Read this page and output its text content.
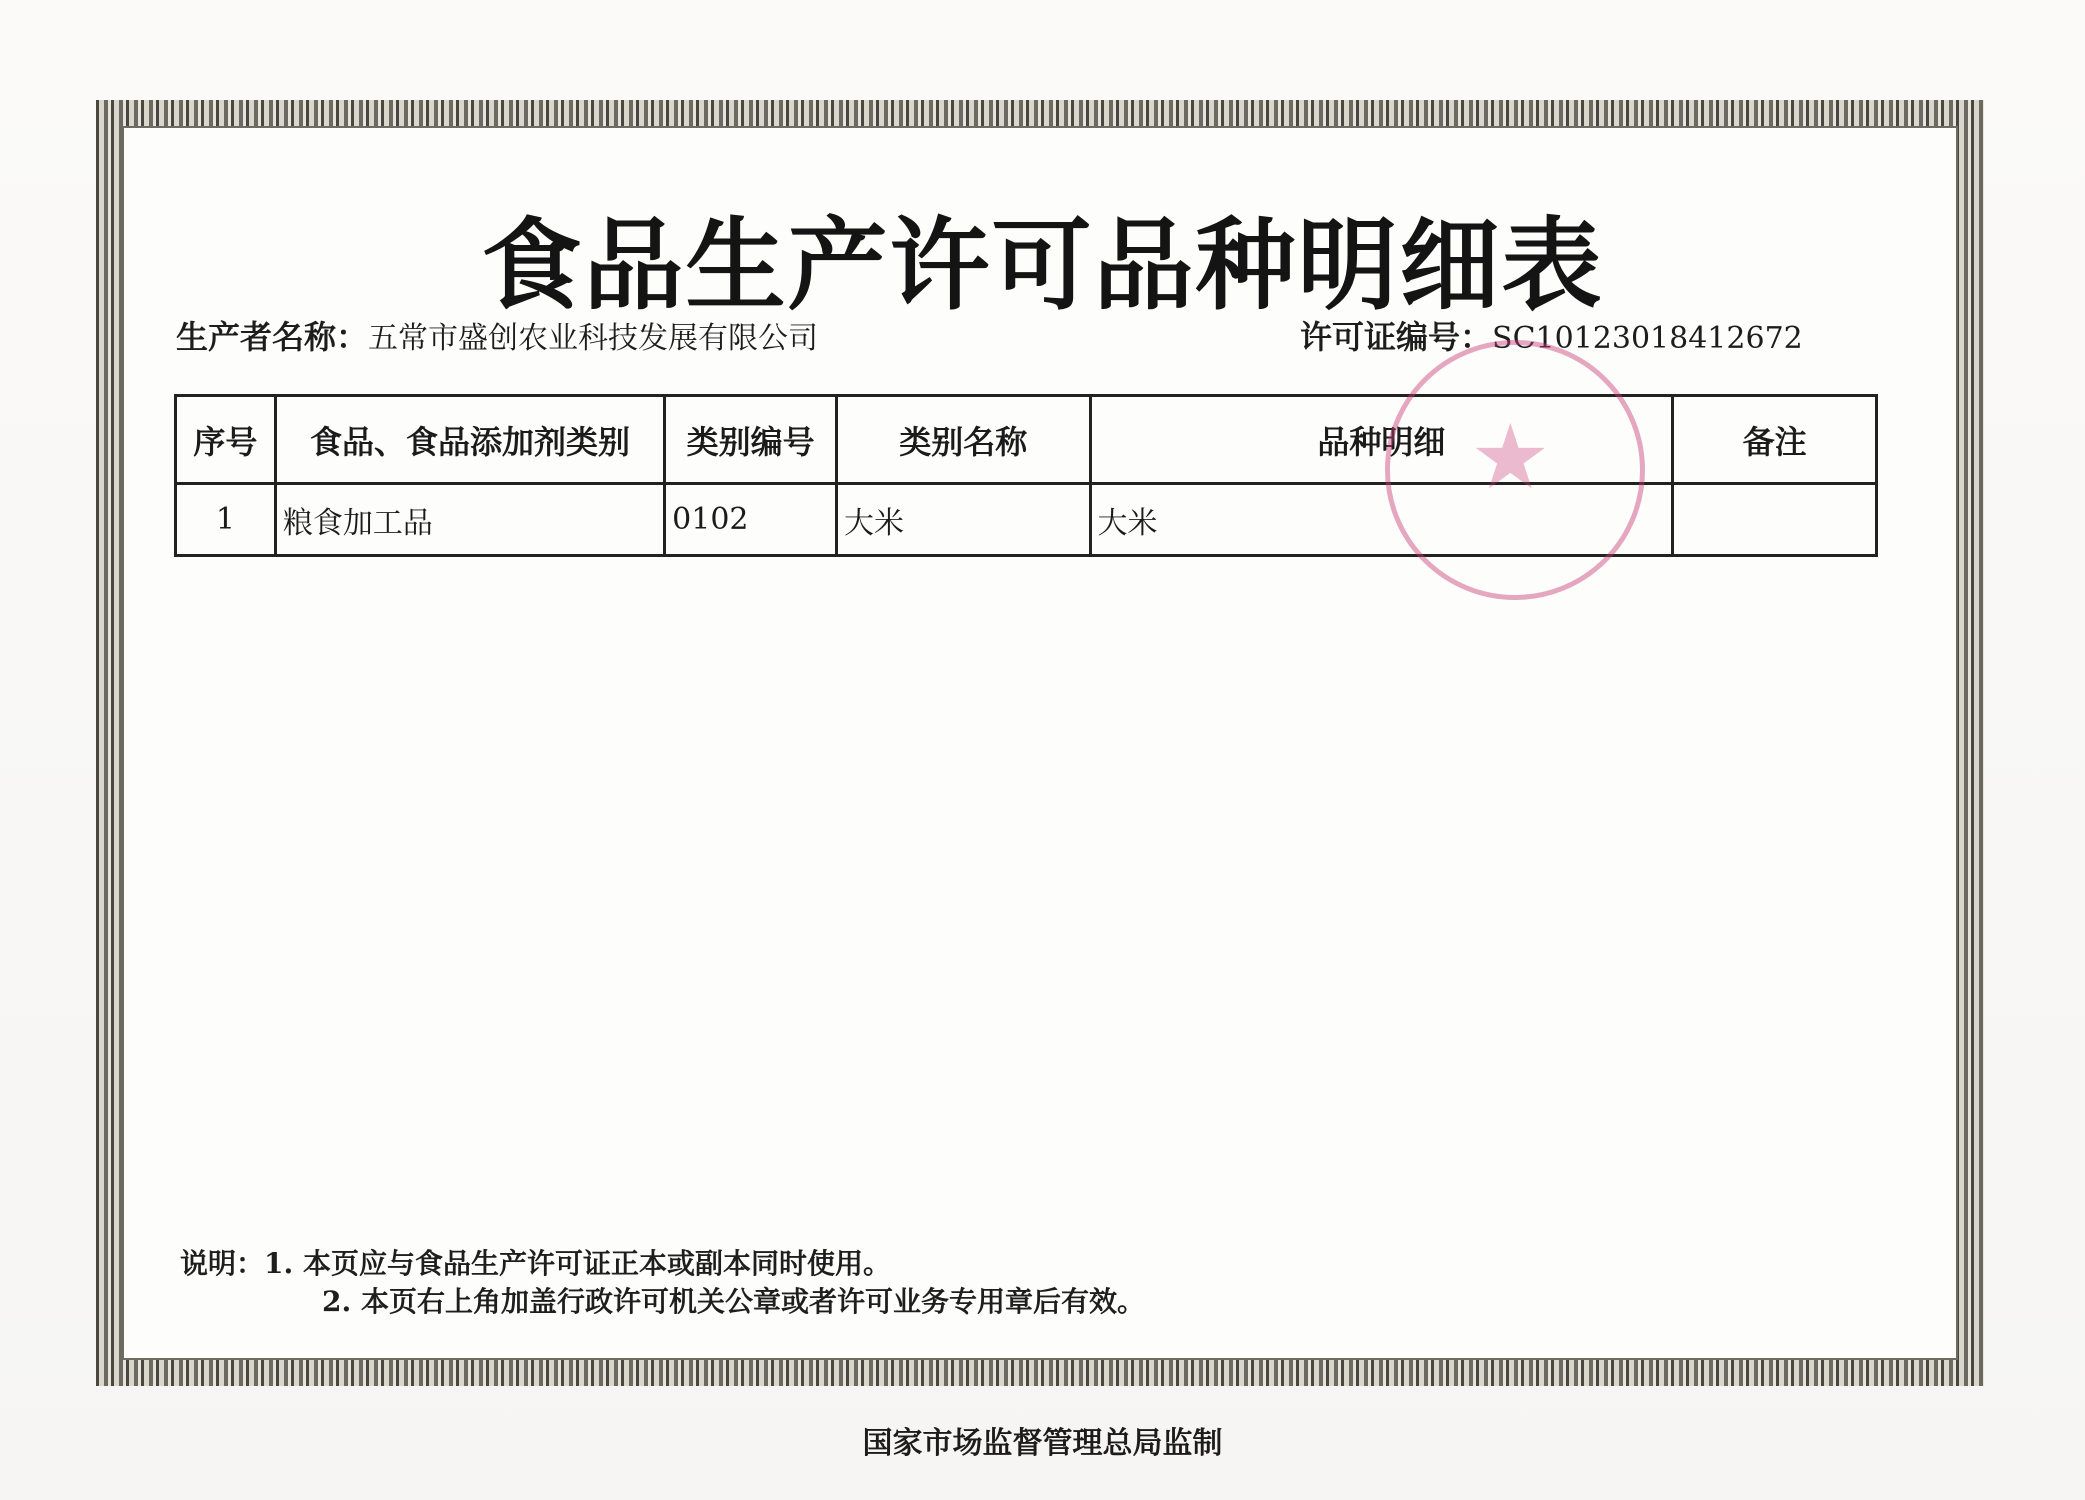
食品生产许可品种明细表
生产者名称：五常市盛创农业科技发展有限公司	许可证编号：SC10123018412672
序号	食品、食品添加剂类别	类别编号	类别名称	品种明细	备注
1	粮食加工品	0102	大米	大米	
★
说明：1. 本页应与食品生产许可证正本或副本同时使用。
2. 本页右上角加盖行政许可机关公章或者许可业务专用章后有效。
国家市场监督管理总局监制
